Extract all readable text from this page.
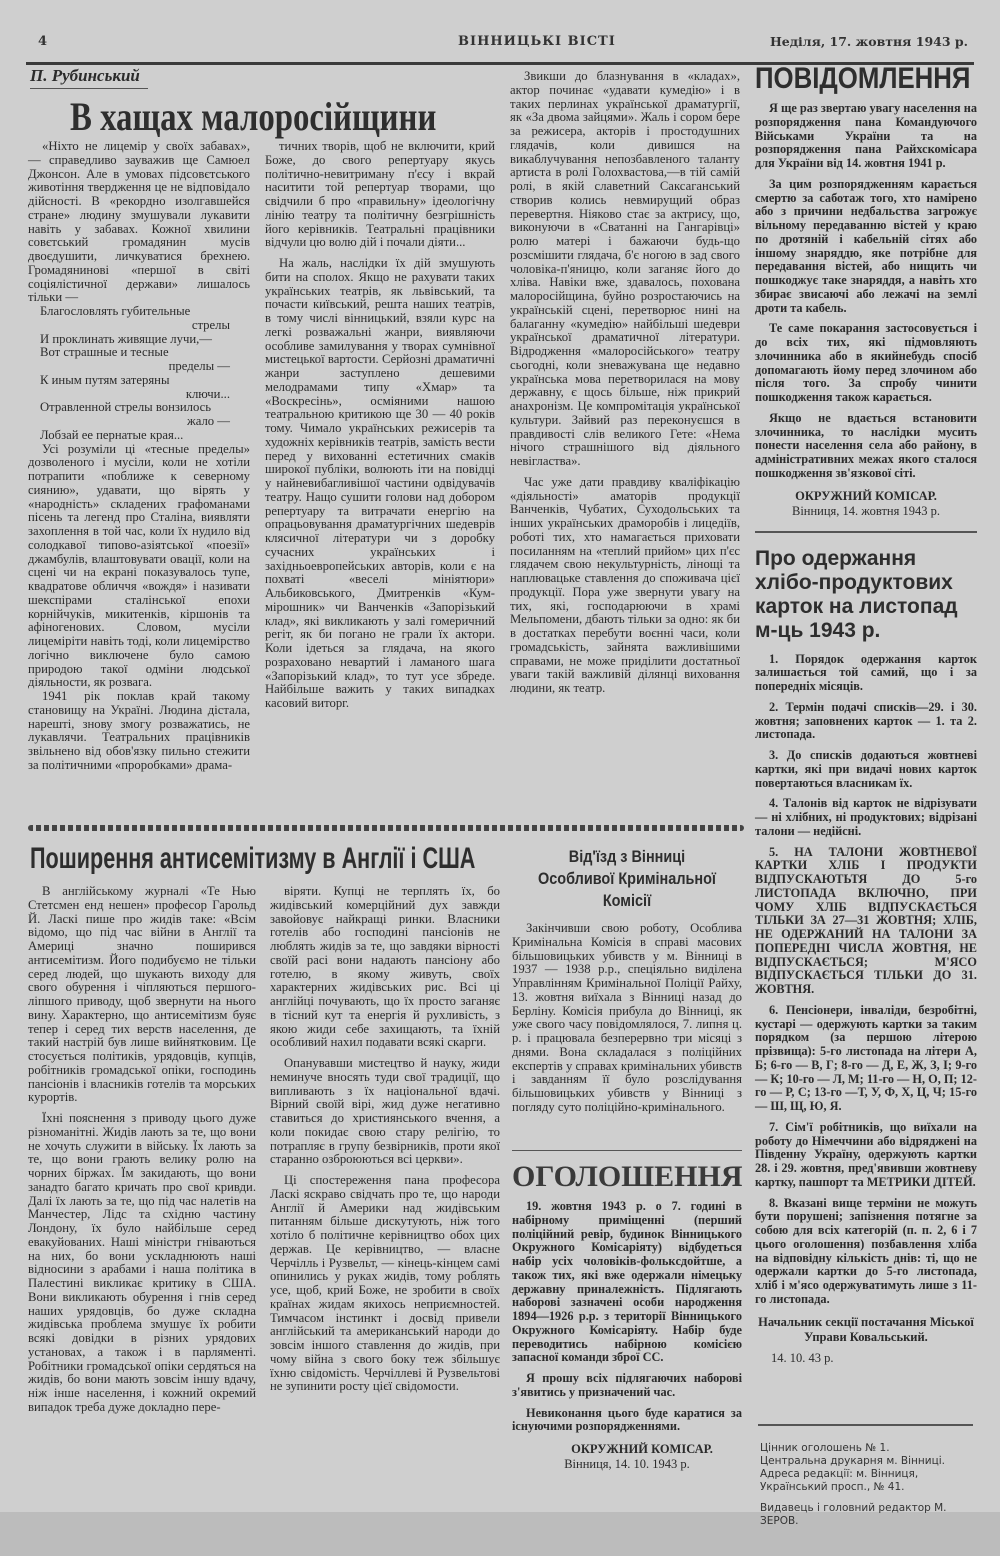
4	ВІННИЦЬКІ ВІСТІ	Неділя, 17. жовтня 1943 р.
П. Рубинський
В хащах малоросійщини

«Ніхто не лицемір у своїх забавах», — справедливо зауважив ще Самюел Джонсон. Але в умовах підсовєтського животіння твердження це не відповідало дійсності. В «рекордно изолгавшейся стране» людину змушували лукавити навіть у забавах. Кожної хвилини совєтський громадянин мусів двоєдушити, личкуватися брехнею. Громадянинові «першої в світі соціялістичної держави» лишалось тільки —

Благословлять губительные
стрелы
И проклинать живящие лучи,—
Вот страшные и тесные
пределы —
К иным путям затеряны
ключи...
Отравленной стрелы вонзилось
жало —
Лобзай ее пернатые края...

Усі розуміли ці «тесные пределы» дозволеного і мусіли, коли не хотіли потрапити «поближе к северному сиянию», удавати, що вірять у «народність» складених графоманами пісень та легенд про Сталіна, виявляти захоплення в той час, коли їх нудило від солодкавої типово-азіятської «поезії» джамбулів, влаштовувати овації, коли на сцені чи на екрані показувалось тупе, квадратове обличчя «вождя» і називати шекспірами сталінської епохи корнійчуків, микитенків, кіршонів та афіногенових. Словом, мусіли лицеміріти навіть тоді, коли лицемірство логічно виключене було самою природою такої одміни людської діяльности, як розвага.

1941 рік поклав край такому становищу на Україні. Людина дістала, нарешті, знову змогу розважатись, не лукавлячи. Театральних працівників звільнено від обов'язку пильно стежити за політичними «проробками» драма-

тичних творів, щоб не включити, крий Боже, до свого репертуару якусь політично-невитриману п'єсу і вкрай наситити той репертуар творами, що свідчили б про «правильну» ідеологічну лінію театру та політичну безгрішність його керівників. Театральні працівники відчули цю волю дій і почали діяти...

На жаль, наслідки їх дій змушують бити на сполох. Якщо не рахувати таких українських театрів, як львівський, та почасти київський, решта наших театрів, в тому числі вінницький, взяли курс на легкі розважальні жанри, виявляючи особливе замилування у творах сумнівної мистецької вартости. Серйозні драматичні жанри заступлено дешевими мелодрамами типу «Хмар» та «Воскресінь», осміяними нашою театральною критикою ще 30 — 40 років тому. Чимало українських режисерів та художніх керівників театрів, замість вести перед у вихованні естетичних смаків широкої публіки, волюють іти на повідці у найневибагливішої частини одвідувачів театру. Нащо сушити голови над добором репертуару та витрачати енергію на опрацьовування драматургічних шедеврів клясичної літератури чи з доробку сучасних українських і західньоевропейських авторів, коли є на похваті «веселі мініятюри» Альбиковського, Дмитренків «Кум-мірошник» чи Ванченків «Запорізький клад», які викликають у залі гомеричний регіт, як би погано не грали їх актори. Коли ідеться за глядача, на якого розраховано невартий і ламаного шага «Запорізький клад», то тут усе збреде. Найбільше важить у таких випадках касовий виторг.

Звикши до блазнування в «кладах», актор починає «удавати кумедію» і в таких перлинах української драматургії, як «За двома зайцями». Жаль і сором бере за режисера, акторів і простодушних глядачів, коли дивишся на викаблучування непозбавленого таланту артиста в ролі Голохвастова,—в тій самій ролі, в якій славетний Саксаганський створив колись невмирущий образ перевертня. Ніяково стає за актрису, що, виконуючи в «Сватанні на Гангарівці» ролю матері і бажаючи будь-що розсмішити глядача, б'є ногою в зад свого чоловіка-п'яницю, коли заганяє його до хліва. Навіки вже, здавалось, похована малоросійщина, буйно розростаючись на українській сцені, перетворює нині на балаганну «кумедію» найбільші шедеври української драматичної літератури. Відродження «малоросійського» театру сьогодні, коли зневажувана ще недавно українська мова перетворилася на мову державну, є щось більше, ніж прикрий анахронізм. Це компромітація української культури. Зайвий раз переконуєшся в правдивості слів великого Гете: «Нема нічого страшнішого від діяльного невігластва».

Час уже дати правдиву кваліфікацію «діяльності» аматорів продукції Ванченків, Чубатих, Суходольських та інших українських драморобів і лицедіїв, роботі тих, хто намагається приховати посиланням на «теплий прийом» цих п'єс глядачем свою некультурність, лінощі та наплювацьке ставлення до споживача цієї продукції. Пора уже звернути увагу на тих, які, господарюючи в храмі Мельпомени, дбають тільки за одно: як би в достатках перебути воєнні часи, коли громадськість, зайнята важливішими справами, не може приділити достатньої уваги такій важливій ділянці виховання людини, як театр.

ПОВІДОМЛЕННЯ

Я ще раз звертаю увагу населення на розпорядження пана Командуючого Військами України та на розпорядження пана Райхскомісара для України від 14. жовтня 1941 р.

За цим розпорядженням карається смертю за саботаж того, хто намірено або з причини недбальства загрожує вільному передаванню вістей у краю по дротяній і кабельній сітях або іншому знаряддю, яке потрібне для передавання вістей, або нищить чи пошкоджує таке знаряддя, а навіть хто збирає звисаючі або лежачі на землі дроти та кабель.

Те саме покарання застосовується і до всіх тих, які підмовляють злочинника або в якийнебудь спосіб допомагають йому перед злочином або після того. За спробу чинити пошкодження також карається.

Якщо не вдається встановити злочинника, то наслідки мусить понести населення села або району, в адміністративних межах якого сталося пошкодження зв'язкової сіті.

ОКРУЖНИЙ КОМІСАР.
Вінниця, 14. жовтня 1943 р.
Про одержання хлібо-продуктових карток на листопад м-ць 1943 р.

1. Порядок одержання карток залишається той самий, що і за попередніх місяців.

2. Термін подачі списків—29. і 30. жовтня; заповнених карток — 1. та 2. листопада.

3. До списків додаються жовтневі картки, які при видачі нових карток повертаються власникам їх.

4. Талонів від карток не відрізувати — ні хлібних, ні продуктових; відрізані талони — недійсні.

5. НА ТАЛОНИ ЖОВТНЕВОЇ КАРТКИ ХЛІБ І ПРОДУКТИ ВІДПУСКАЮТЬТЯ ДО 5-го ЛИСТОПАДА ВКЛЮЧНО, ПРИ ЧОМУ ХЛІБ ВІДПУСКАЄТЬСЯ ТІЛЬКИ ЗА 27—31 ЖОВТНЯ; ХЛІБ, НЕ ОДЕРЖАНИЙ НА ТАЛОНИ ЗА ПОПЕРЕДНІ ЧИСЛА ЖОВТНЯ, НЕ ВІДПУСКАЄТЬСЯ; М'ЯСО ВІДПУСКАЄТЬСЯ ТІЛЬКИ ДО 31. ЖОВТНЯ.

6. Пенсіонери, інваліди, безробітні, кустарі — одержують картки за таким порядком (за першою літерою прізвища): 5-го листопада на літери А, Б; 6-го — В, Г; 8-го — Д, Е, Ж, З, І; 9-го— К; 10-го — Л, М; 11-го — Н, О, П; 12-го — Р, С; 13-го —Т, У, Ф, Х, Ц, Ч; 15-го — Ш, Щ, Ю, Я.

7. Сім'ї робітників, що виїхали на роботу до Німеччини або відряджені на Південну Україну, одержують картки 28. і 29. жовтня, пред'явивши жовтневу картку, пашпорт та МЕТРИКИ ДІТЕЙ.

8. Вказані вище терміни не можуть бути порушені; запізнення потягне за собою для всіх категорій (п. п. 2, 6 і 7 цього оголошення) позбавлення хліба на відповідну кількість днів: ті, що не одержали картки до 5-го листопада, хліб і м'ясо одержуватимуть лише з 11-го листопада.

Начальник секції постачання Міської Управи Ковальський.
14. 10. 43 р.
Цінник оголошень № 1.
Центральна друкарня м. Вінниці.
Адреса редакції: м. Вінниця, Український просп., № 41.
Видавець і головний редактор М. ЗЕРОВ.
Поширення антисемітизму в Англії і США

В англійському журналі «Те Нью Стетсмен енд нешен» професор Гарольд Й. Ласкі пише про жидів таке: «Всім відомо, що під час війни в Англії та Америці значно поширився антисемітизм. Його подибуємо не тільки серед людей, що шукають виходу для свого обурення і чіпляються першого-ліпшого приводу, щоб звернути на нього вину. Характерно, що антисемітизм буяє тепер і серед тих верств населення, де такий настрій був лише вийнятковим. Це стосується політиків, урядовців, купців, робітників громадської опіки, господинь пансіонів і власників готелів та морських курортів.

Їхні пояснення з приводу цього дуже різноманітні. Жидів лають за те, що вони не хочуть служити в війську. Їх лають за те, що вони грають велику ролю на чорних біржах. Їм закидають, що вони занадто багато кричать про свої кривди. Далі їх лають за те, що під час налетів на Манчестер, Лідс та східню частину Лондону, їх було найбільше серед евакуйованих. Наші міністри гніваються на них, бо вони ускладнюють наші відносини з арабами і наша політика в Палестині викликає критику в США. Вони викликають обурення і гнів серед наших урядовців, бо дуже складна жидівська проблема змушує їх робити всякі довідки в різних урядових установах, а також і в парляменті. Робітники громадської опіки сердяться на жидів, бо вони мають зовсім іншу вдачу, ніж інше населення, і кожний окремий випадок треба дуже докладно пере-

віряти. Купці не терплять їх, бо жидівський комерційний дух завжди завойовує найкращі ринки. Власники готелів або господині пансіонів не люблять жидів за те, що завдяки вірності своїй расі вони надають пансіону або готелю, в якому живуть, своїх характерних жидівських рис. Всі ці англійці почувають, що їх просто заганяє в тісний кут та енергія й рухливість, з якою жиди себе захищають, та їхній особливий нахил подавати всякі скарги.

Опанувавши мистецтво й науку, жиди неминуче вносять туди свої традиції, що випливають з їх національної вдачі. Вірний своїй вірі, жид дуже негативно ставиться до християнського вчення, а коли покидає свою стару релігію, то потрапляє в групу безвірників, проти якої старанно озброюються всі церкви».

Ці спостереження пана професора Ласкі яскраво свідчать про те, що народи Англії й Америки над жидівським питанням більше дискутують, ніж того хотіло б політичне керівництво обох цих держав. Це керівництво, — власне Черчілль і Рузвельт, — кінець-кінцем самі опинились у руках жидів, тому роблять усе, щоб, крий Боже, не зробити в своїх країнах жидам якихось неприємностей. Тимчасом інстинкт і досвід привели англійський та американський народи до зовсім іншого ставлення до жидів, при чому війна з свого боку теж збільшує їхню свідомість. Черчіллеві й Рузвельтові не зупинити росту цієї свідомости.

Від'їзд з Вінниці Особливої Кримінальної Комісії

Закінчивши свою роботу, Особлива Кримінальна Комісія в справі масових більшовицьких убивств у м. Вінниці в 1937 — 1938 р.р., спеціяльно виділена Управлінням Кримінальної Поліції Райху, 13. жовтня виїхала з Вінниці назад до Берліну. Комісія прибула до Вінниці, як уже свого часу повідомлялося, 7. липня ц. р. і працювала безперервно три місяці з днями. Вона складалася з поліційних експертів у справах кримінальних убивств і завданням її було розслідування більшовицьких убивств у Вінниці з погляду суто поліційно-кримінального.

ОГОЛОШЕННЯ

19. жовтня 1943 р. о 7. годині в набірному приміщенні (перший поліційний ревір, будинок Вінницького Окружного Комісаріяту) відбудеться набір усіх чоловіків-фолькcдойтше, а також тих, які вже одержали німецьку державну приналежність. Підлягають наборові зазначені особи народження 1894—1926 р.р. з території Вінницького Окружного Комісаріяту. Набір буде переводитись набірною комісією запасної команди зброї СС.

Я прошу всіх підлягаючих наборові з'явитись у призначений час.

Невиконання цього буде каратися за існуючими розпорядженнями.

ОКРУЖНИЙ КОМІСАР.
Вінниця, 14. 10. 1943 р.
